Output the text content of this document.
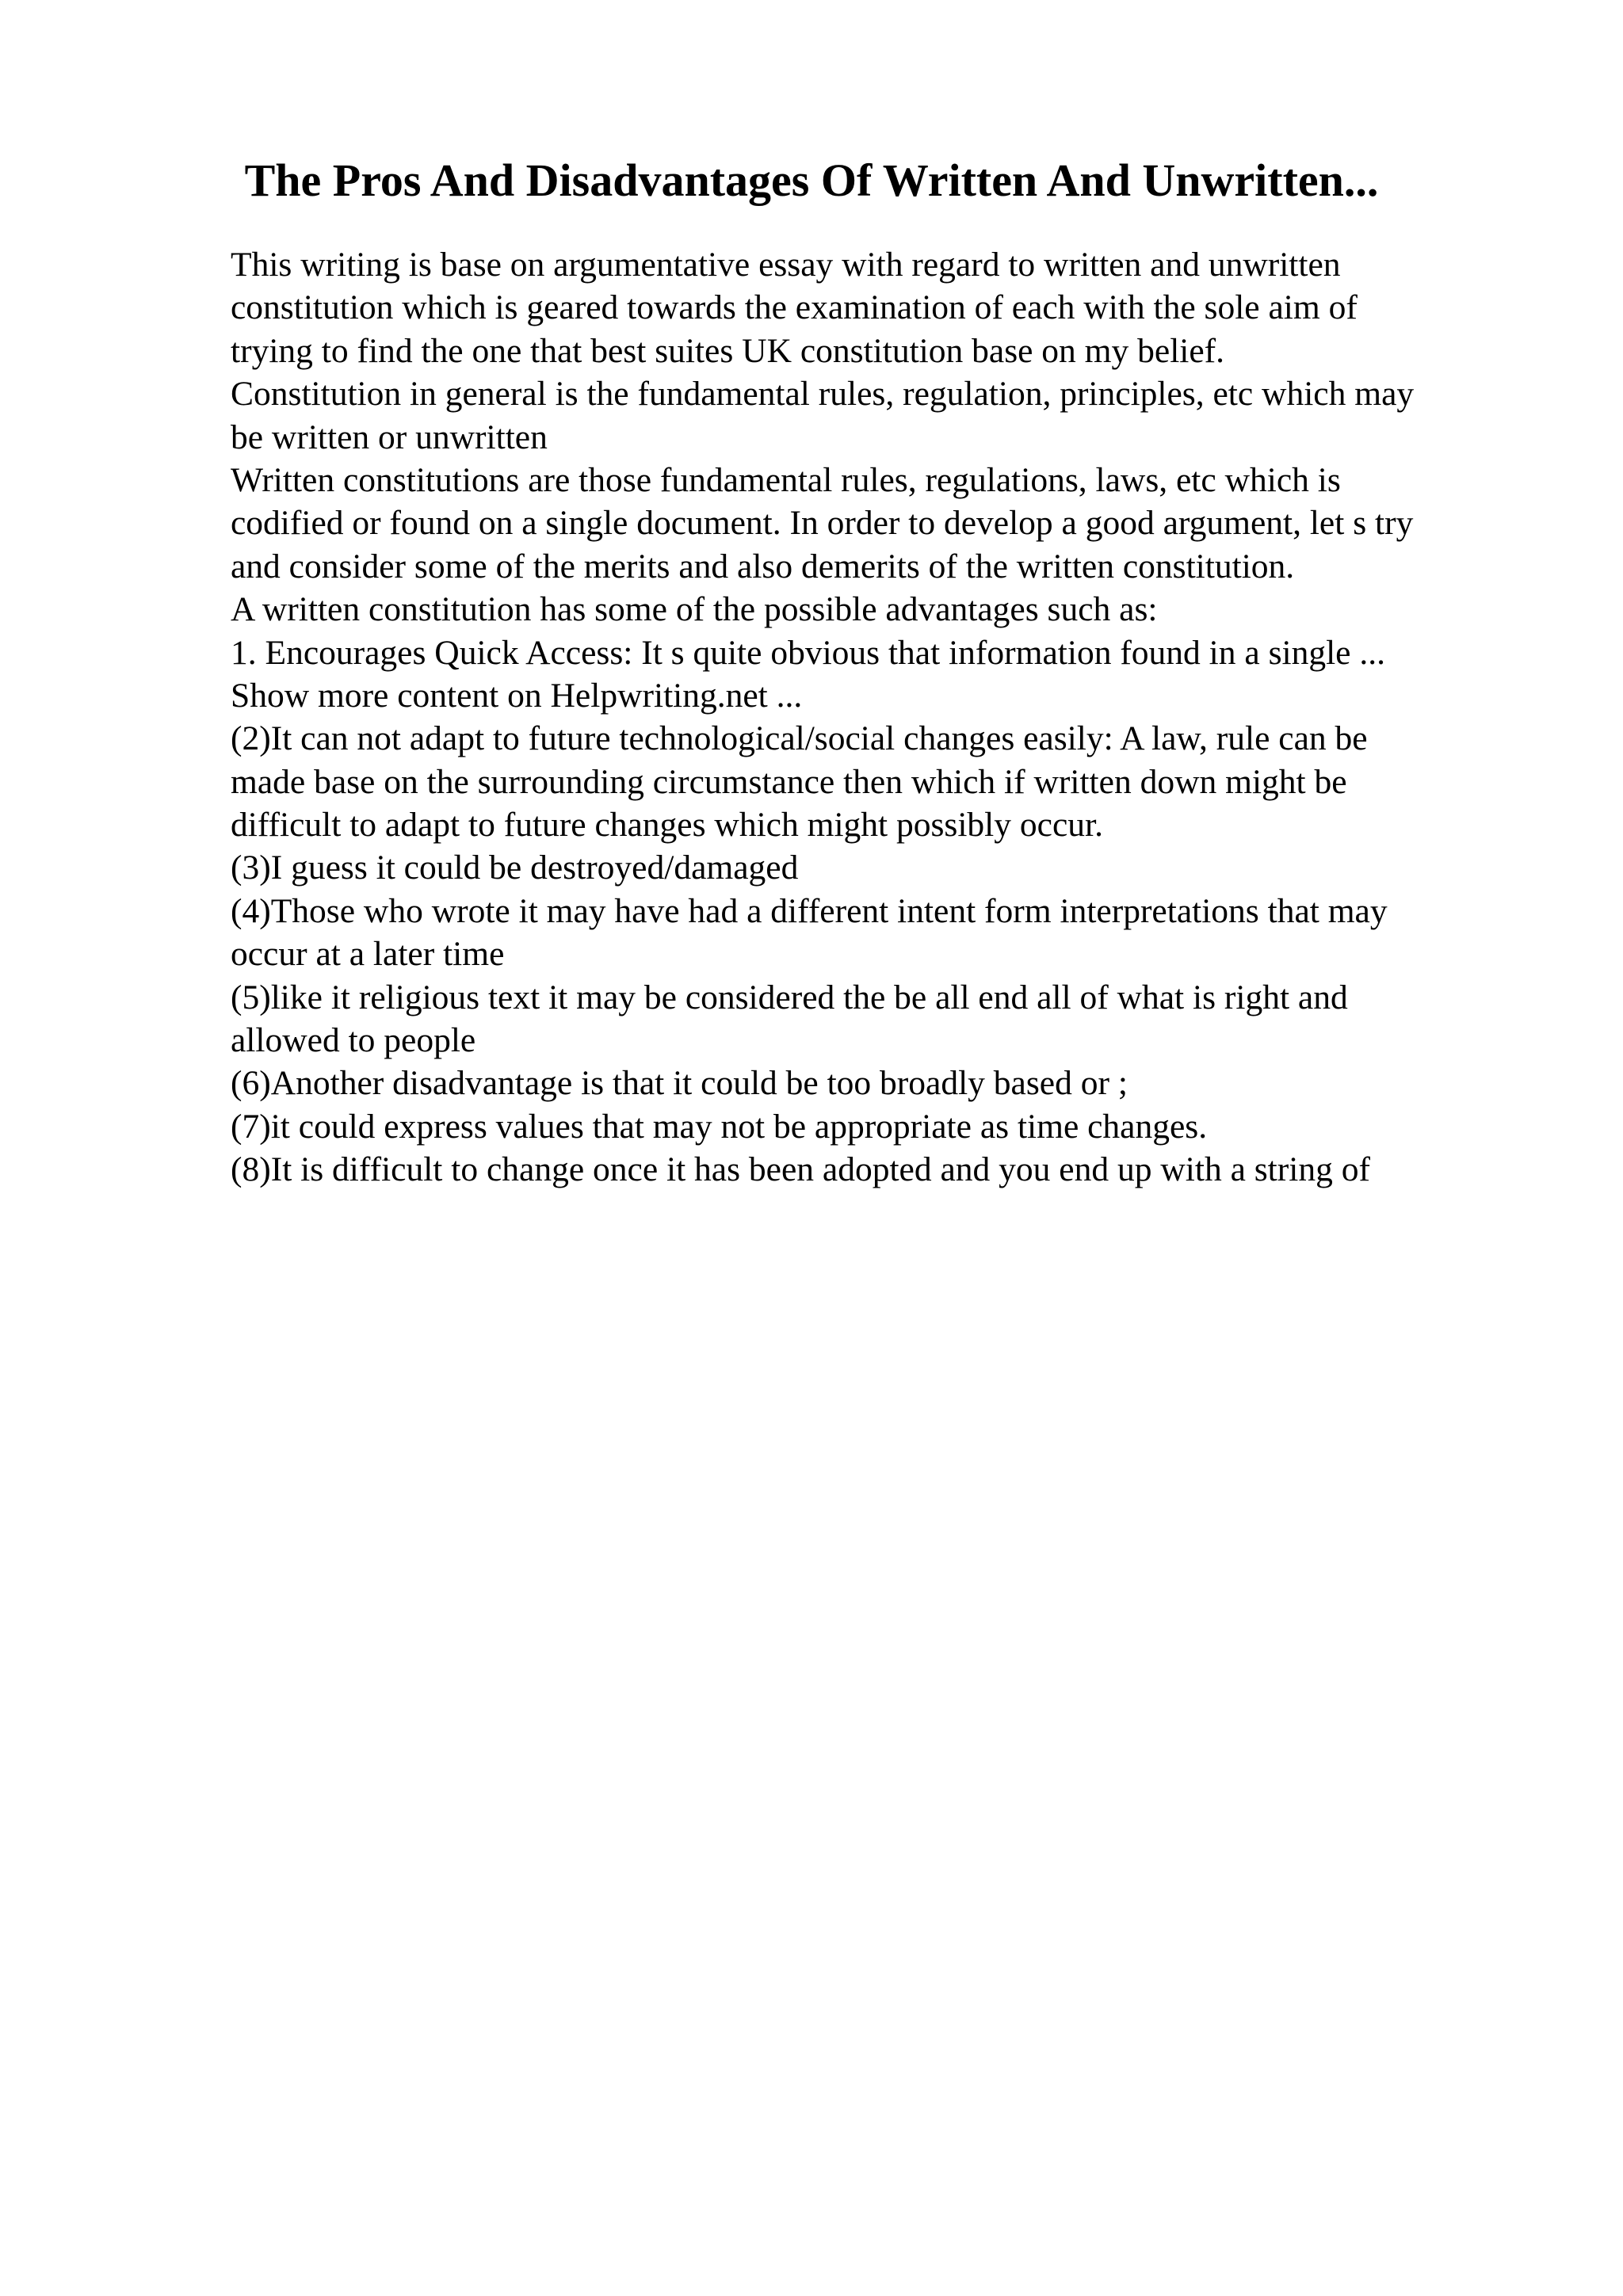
The Pros And Disadvantages Of Written And Unwritten...
This writing is base on argumentative essay with regard to written and unwritten
constitution which is geared towards the examination of each with the sole aim of
trying to find the one that best suites UK constitution base on my belief.
Constitution in general is the fundamental rules, regulation, principles, etc which may
be written or unwritten
Written constitutions are those fundamental rules, regulations, laws, etc which is
codified or found on a single document. In order to develop a good argument, let s try
and consider some of the merits and also demerits of the written constitution.
A written constitution has some of the possible advantages such as:
1. Encourages Quick Access: It s quite obvious that information found in a single ...
Show more content on Helpwriting.net ...
(2)It can not adapt to future technological/social changes easily: A law, rule can be
made base on the surrounding circumstance then which if written down might be
difficult to adapt to future changes which might possibly occur.
(3)I guess it could be destroyed/damaged
(4)Those who wrote it may have had a different intent form interpretations that may
occur at a later time
(5)like it religious text it may be considered the be all end all of what is right and
allowed to people
(6)Another disadvantage is that it could be too broadly based or ;
(7)it could express values that may not be appropriate as time changes.
(8)It is difficult to change once it has been adopted and you end up with a string of
